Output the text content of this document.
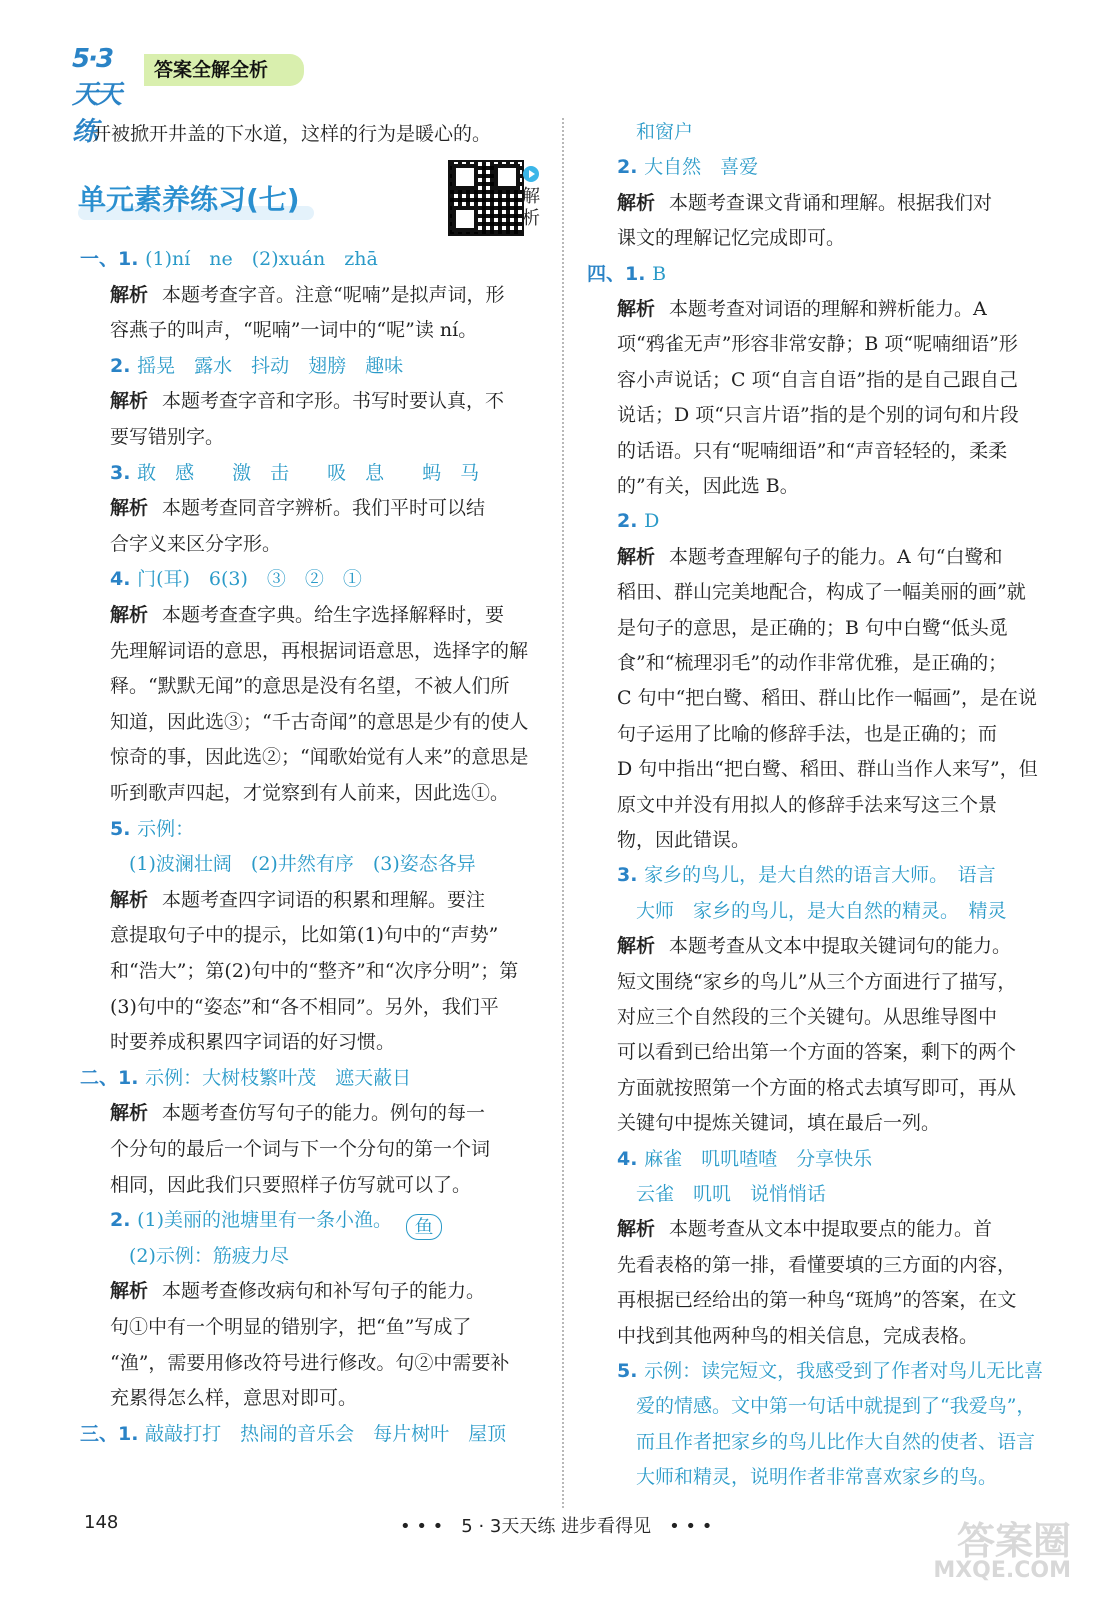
5·3天天练
答案全解全析
开被掀开井盖的下水道，这样的行为是暖心的。
单元素养练习(七)	解析
一、1. (1)ní　ne　(2)xuán　zhā
解析 本题考查字音。注意“呢喃”是拟声词，形
容燕子的叫声，“呢喃”一词中的“呢”读 ní。
2. 摇晃　露水　抖动　翅膀　趣味
解析 本题考查字音和字形。书写时要认真，不
要写错别字。
3. 敢　感　　激　击　　吸　息　　蚂　马
解析 本题考查同音字辨析。我们平时可以结
合字义来区分字形。
4. 门(耳)　6(3)　③　②　①
解析 本题考查查字典。给生字选择解释时，要
先理解词语的意思，再根据词语意思，选择字的解
释。“默默无闻”的意思是没有名望，不被人们所
知道，因此选③；“千古奇闻”的意思是少有的使人
惊奇的事，因此选②；“闻歌始觉有人来”的意思是
听到歌声四起，才觉察到有人前来，因此选①。
5. 示例：
　(1)波澜壮阔　(2)井然有序　(3)姿态各异
解析 本题考查四字词语的积累和理解。要注
意提取句子中的提示，比如第(1)句中的“声势”
和“浩大”；第(2)句中的“整齐”和“次序分明”；第
(3)句中的“姿态”和“各不相同”。另外，我们平
时要养成积累四字词语的好习惯。
二、1. 示例：大树枝繁叶茂　遮天蔽日
解析 本题考查仿写句子的能力。例句的每一
个分句的最后一个词与下一个分句的第一个词
相同，因此我们只要照样子仿写就可以了。
2. (1)美丽的池塘里有一条小渔。
　(2)示例：筋疲力尽
解析 本题考查修改病句和补写句子的能力。
句①中有一个明显的错别字，把“鱼”写成了
“渔”，需要用修改符号进行修改。句②中需要补
充累得怎么样，意思对即可。
三、1. 敲敲打打　热闹的音乐会　每片树叶　屋顶
　和窗户
2. 大自然　喜爱
解析 本题考查课文背诵和理解。根据我们对
课文的理解记忆完成即可。
四、1. B
解析 本题考查对词语的理解和辨析能力。A
项“鸦雀无声”形容非常安静；B 项“呢喃细语”形
容小声说话；C 项“自言自语”指的是自己跟自己
说话；D 项“只言片语”指的是个别的词句和片段
的话语。只有“呢喃细语”和“声音轻轻的，柔柔
的”有关，因此选 B。
2. D
解析 本题考查理解句子的能力。A 句“白鹭和
稻田、群山完美地配合，构成了一幅美丽的画”就
是句子的意思，是正确的；B 句中白鹭“低头觅
食”和“梳理羽毛”的动作非常优雅，是正确的；
C 句中“把白鹭、稻田、群山比作一幅画”，是在说
句子运用了比喻的修辞手法，也是正确的；而
D 句中指出“把白鹭、稻田、群山当作人来写”，但
原文中并没有用拟人的修辞手法来写这三个景
物，因此错误。
3. 家乡的鸟儿，是大自然的语言大师。　语言
　大师　家乡的鸟儿，是大自然的精灵。　精灵
解析 本题考查从文本中提取关键词句的能力。
短文围绕“家乡的鸟儿”从三个方面进行了描写，
对应三个自然段的三个关键句。从思维导图中
可以看到已给出第一个方面的答案，剩下的两个
方面就按照第一个方面的格式去填写即可，再从
关键句中提炼关键词，填在最后一列。
4. 麻雀　叽叽喳喳　分享快乐
　云雀　叽叽　说悄悄话
解析 本题考查从文本中提取要点的能力。首
先看表格的第一排，看懂要填的三方面的内容，
再根据已经给出的第一种鸟“斑鸠”的答案，在文
中找到其他两种鸟的相关信息，完成表格。
5. 示例：读完短文，我感受到了作者对鸟儿无比喜
　爱的情感。文中第一句话中就提到了“我爱鸟”，
　而且作者把家乡的鸟儿比作大自然的使者、语言
　大师和精灵，说明作者非常喜欢家乡的鸟。
鱼
148	• • •　5 · 3天天练 进步看得见　• • •	答案圈
MXQE.COM
